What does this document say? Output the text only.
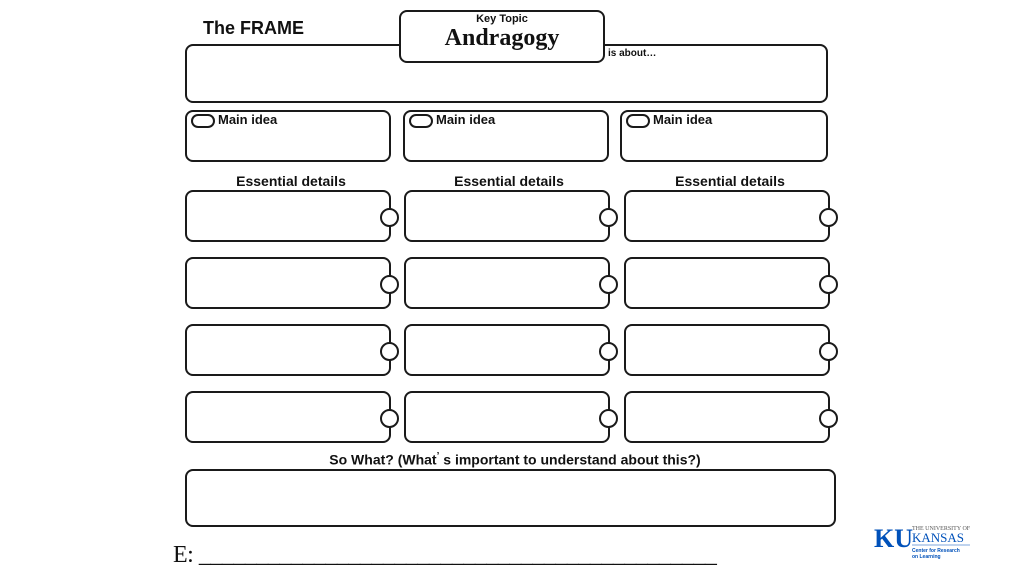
The FRAME	Key Topic
Andragogy
is about…
Main idea	Main idea	Main idea
Essential details	Essential details	Essential details
So What? (What’ s important to understand about this?)
E: _____________________________________________
KU THE UNIVERSITY OF
KANSAS
Center for Research
on Learning
